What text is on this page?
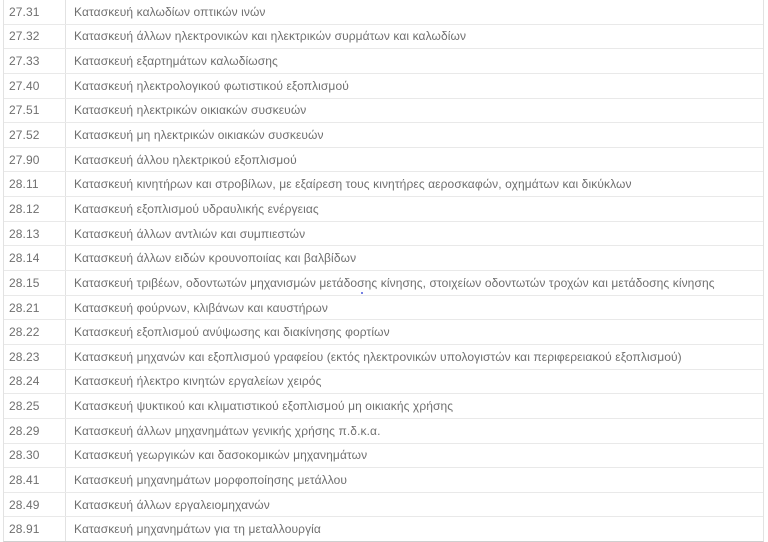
27.31	Κατασκευή καλωδίων οπτικών ινών
27.32	Κατασκευή άλλων ηλεκτρονικών και ηλεκτρικών συρμάτων και καλωδίων
27.33	Κατασκευή εξαρτημάτων καλωδίωσης
27.40	Κατασκευή ηλεκτρολογικού φωτιστικού εξοπλισμού
27.51	Κατασκευή ηλεκτρικών οικιακών συσκευών
27.52	Κατασκευή μη ηλεκτρικών οικιακών συσκευών
27.90	Κατασκευή άλλου ηλεκτρικού εξοπλισμού
28.11	Κατασκευή κινητήρων και στροβίλων, με εξαίρεση τους κινητήρες αεροσκαφών, οχημάτων και δικύκλων
28.12	Κατασκευή εξοπλισμού υδραυλικής ενέργειας
28.13	Κατασκευή άλλων αντλιών και συμπιεστών
28.14	Κατασκευή άλλων ειδών κρουνοποιίας και βαλβίδων
28.15	Κατασκευή τριβέων, οδοντωτών μηχανισμών μετάδοσης κίνησης, στοιχείων οδοντωτών τροχών και μετάδοσης κίνησης
28.21	Κατασκευή φούρνων, κλιβάνων και καυστήρων
28.22	Κατασκευή εξοπλισμού ανύψωσης και διακίνησης φορτίων
28.23	Κατασκευή μηχανών και εξοπλισμού γραφείου (εκτός ηλεκτρονικών υπολογιστών και περιφερειακού εξοπλισμού)
28.24	Κατασκευή ήλεκτρο κινητών εργαλείων χειρός
28.25	Κατασκευή ψυκτικού και κλιματιστικού εξοπλισμού μη οικιακής χρήσης
28.29	Κατασκευή άλλων μηχανημάτων γενικής χρήσης π.δ.κ.α.
28.30	Κατασκευή γεωργικών και δασοκομικών μηχανημάτων
28.41	Κατασκευή μηχανημάτων μορφοποίησης μετάλλου
28.49	Κατασκευή άλλων εργαλειομηχανών
28.91	Κατασκευή μηχανημάτων για τη μεταλλουργία
